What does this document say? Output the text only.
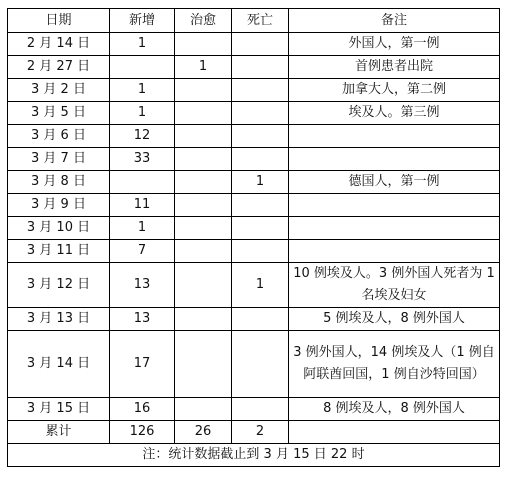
日期	新增	治愈	死亡	备注
2 月 14 日	1			外国人，第一例
2 月 27 日		1		首例患者出院
3 月 2 日	1			加拿大人，第二例
3 月 5 日	1			埃及人。第三例
3 月 6 日	12			
3 月 7 日	33			
3 月 8 日			1	德国人，第一例
3 月 9 日	11			
3 月 10 日	1			
3 月 11 日	7			
3 月 12 日	13		1	10 例埃及人。3 例外国人死者为 1 名埃及妇女
3 月 13 日	13			5 例埃及人，8 例外国人
3 月 14 日	17			3 例外国人，14 例埃及人（1 例自阿联酋回国，1 例自沙特回国）
3 月 15 日	16			8 例埃及人，8 例外国人
累计	126	26	2	
注：统计数据截止到 3 月 15 日 22 时				
